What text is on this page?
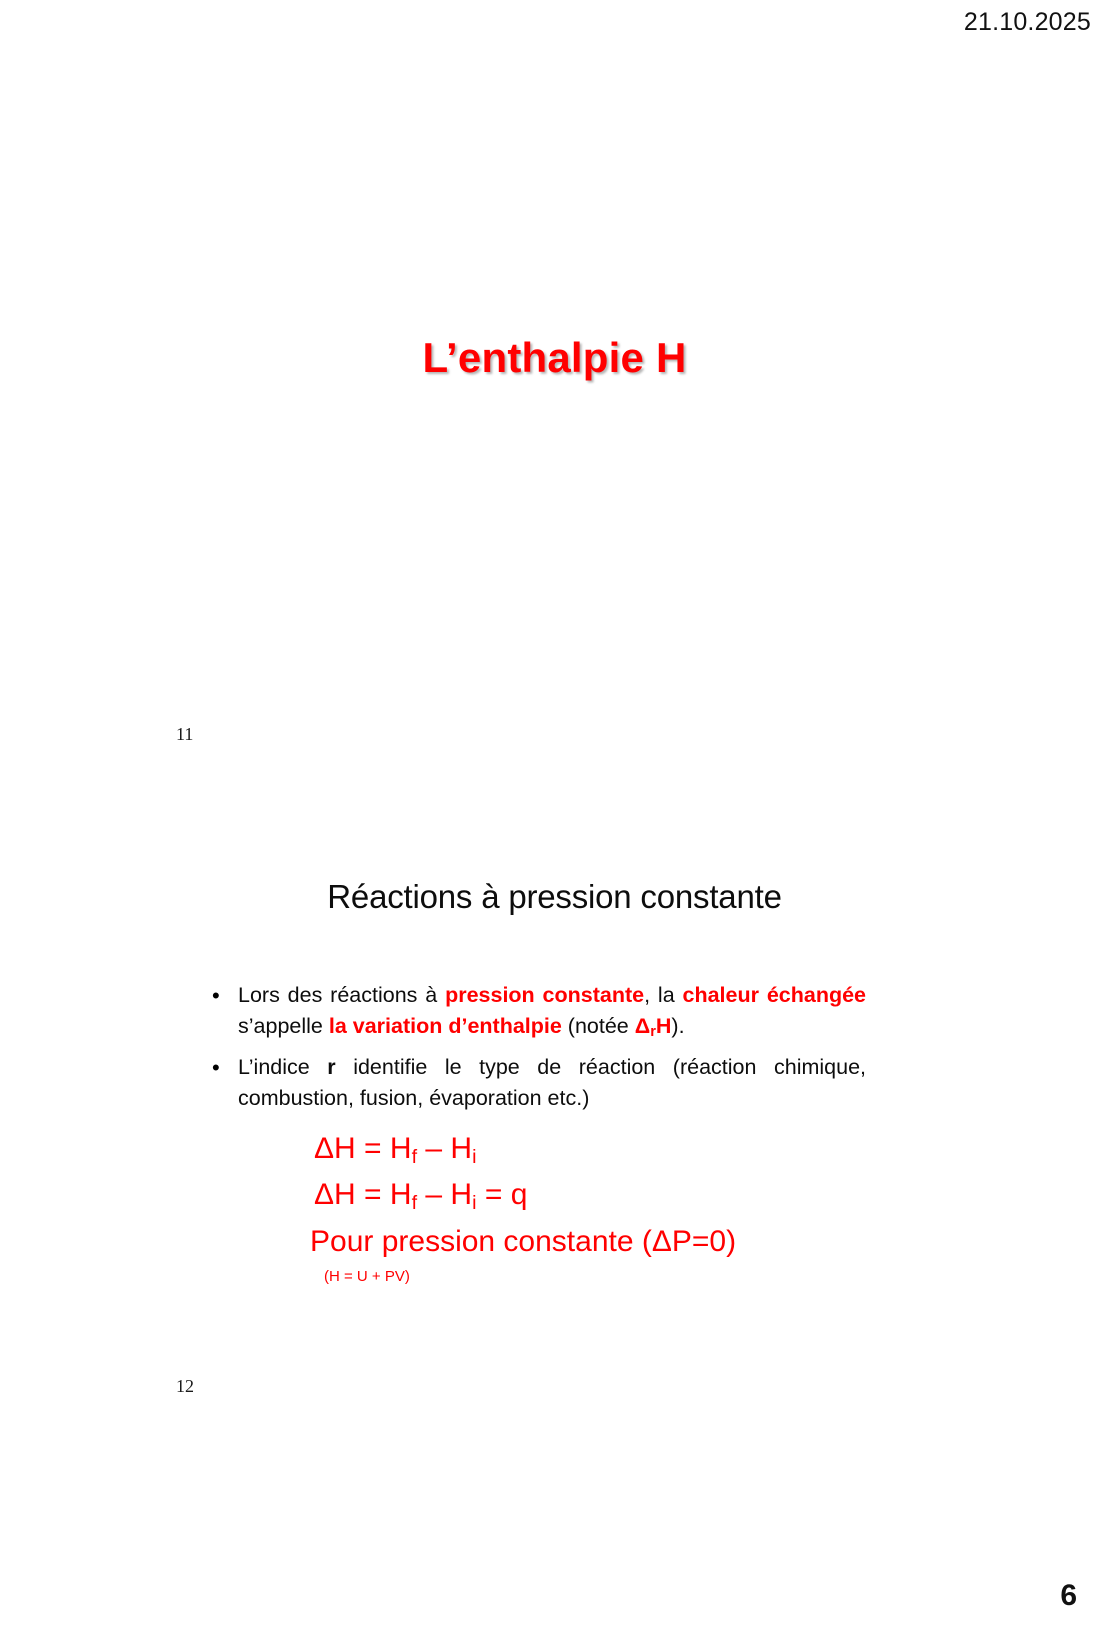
21.10.2025
L’enthalpie H
11
Réactions à pression constante
• Lors des réactions à pression constante, la chaleur échangée s’appelle la variation d’enthalpie (notée $\Delta_rH$).
• L’indice r identifie le type de réaction (réaction chimique, combustion, fusion, évaporation etc.)
$\Delta H = H_f - H_i$
$\Delta H = H_f - H_i = q$
Pour pression constante (ΔP=0)
(H = U + PV)
12
6
